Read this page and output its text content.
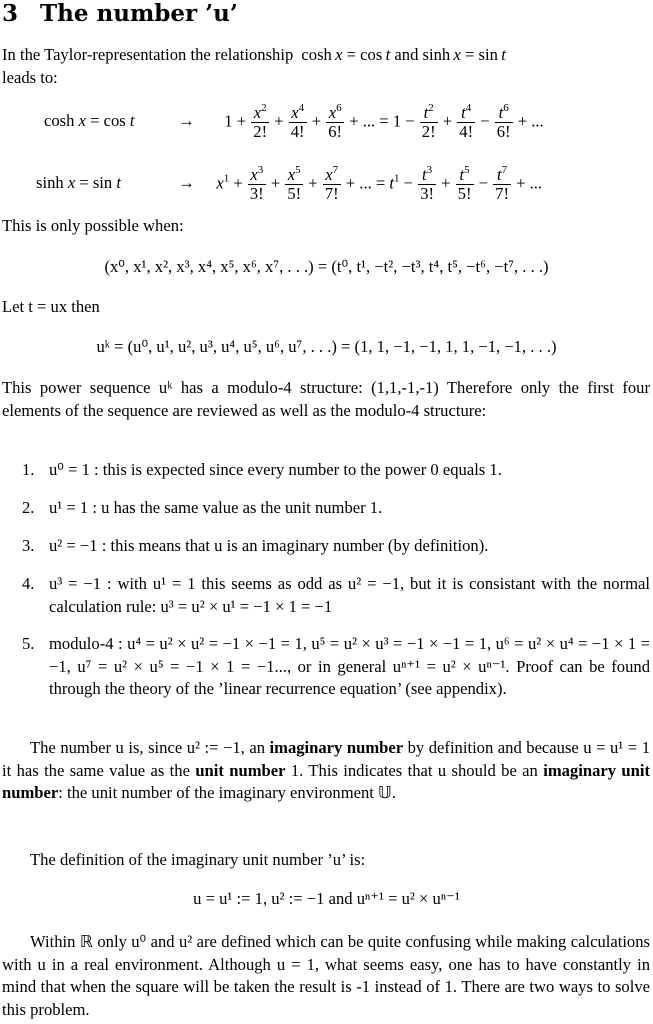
3 The number ’u’
In the Taylor-representation the relationship cosh  x = cos  t and sinh  x = sin  t
leads to:
cosh x = cos t	→ $1 + \frac{x^2}{2!} + \frac{x^4}{4!} + \frac{x^6}{6!}$ + ... = $1 - \frac{t^2}{2!} + \frac{t^4}{4!} - \frac{t^6}{6!}$ + ...
sinh x = sin t	→ $x^1 + \frac{x^3}{3!} + \frac{x^5}{5!} + \frac{x^7}{7!}$ + ... = $t^1 - \frac{t^3}{3!} + \frac{t^5}{5!} - \frac{t^7}{7!}$ + ...
This is only possible when:
(x⁰, x¹, x², x³, x⁴, x⁵, x⁶, x⁷, . . .) = (t⁰, t¹, −t², −t³, t⁴, t⁵, −t⁶, −t⁷, . . .)
Let t = ux then
uᵏ = (u⁰, u¹, u², u³, u⁴, u⁵, u⁶, u⁷, . . .) = (1, 1, −1, −1, 1, 1, −1, −1, . . .)
This power sequence uᵏ has a modulo-4 structure: (1,1,-1,-1) Therefore only the first four elements of the sequence are reviewed as well as the modulo-4 structure:
1. u⁰ = 1 : this is expected since every number to the power 0 equals 1.
2. u¹ = 1 : u has the same value as the unit number 1.
3. u² = −1 : this means that u is an imaginary number (by definition).
4. u³ = −1 : with u¹ = 1 this seems as odd as u² = −1, but it is consistant with the normal calculation rule: u³ = u² × u¹ = −1 × 1 = −1
5. modulo-4 : u⁴ = u² × u² = −1 × −1 = 1, u⁵ = u² × u³ = −1 × −1 = 1, u⁶ = u² × u⁴ = −1 × 1 = −1, u⁷ = u² × u⁵ = −1 × 1 = −1..., or in general uⁿ⁺¹ = u² × uⁿ⁻¹. Proof can be found through the theory of the ’linear recurrence equation’ (see appendix).
The number u is, since u² := −1, an imaginary number by definition and because u = u¹ = 1 it has the same value as the unit number 1. This indicates that u should be an imaginary unit number: the unit number of the imaginary environment 𝕌.
The definition of the imaginary unit number ’u’ is:
u = u¹ := 1, u² := −1 and uⁿ⁺¹ = u² × uⁿ⁻¹
Within ℝ only u⁰ and u² are defined which can be quite confusing while making calculations with u in a real environment. Although u = 1, what seems easy, one has to have constantly in mind that when the square will be taken the result is -1 instead of 1. There are two ways to solve this problem.
